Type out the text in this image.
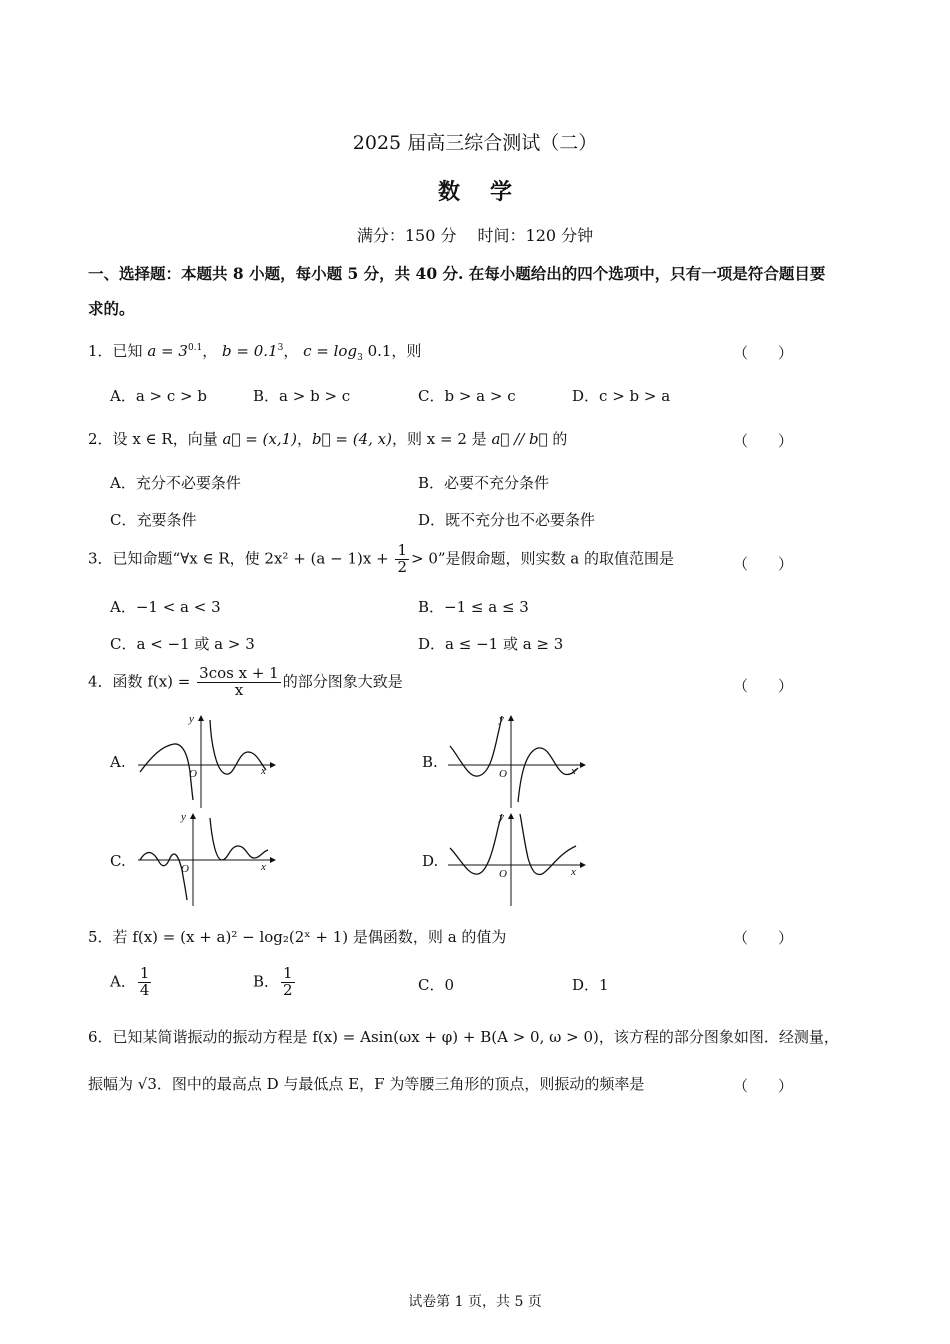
2025 届高三综合测试（二）
数学
满分：150 分　 时间：120 分钟
一、选择题：本题共 8 小题，每小题 5 分，共 40 分. 在每小题给出的四个选项中，只有一项是符合题目要
求的。
1．已知 $a = 3^{0.1}$， $b = 0.1^3$， $c = \log_3 0.1$，则	（　　）
A．a > c > b	B．a > b > c	C．b > a > c	D．c > b > a
2．设 x ∈ R，向量 a⃗ = (x,1)，b⃗ = (4, x)，则 x = 2 是 a⃗ // b⃗ 的	（　　）
A．充分不必要条件	B．必要不充分条件
C．充要条件	D．既不充分也不必要条件
3．已知命题“∀x ∈ R，使 $2x^2 + (a - 1)x + \frac{1}{2} > 0$”是假命题，则实数 a 的取值范围是	（　　）
A．−1 < a < 3	B．−1 ≤ a ≤ 3
C．a < −1 或 a > 3	D．a ≤ −1 或 a ≥ 3
4．函数 $f(x) = \frac{\text{3cos x + 1}}{x}$ 的部分图象大致是	（　　）
A.	B.
C.	D.
O	x
y
O	x
y
O	x
y
O	x
y
5．若 f(x) = (x + a)² − log₂(2ˣ + 1) 是偶函数，则 a 的值为	（　　）
A． $\frac{1}{4}$	B． $\frac{1}{2}$	C．0	D．1
6．已知某简谐振动的振动方程是 f(x) = Asin(ωx + φ) + B(A > 0, ω > 0)，该方程的部分图象如图．经测量，
振幅为 √3．图中的最高点 D 与最低点 E，F 为等腰三角形的顶点，则振动的频率是	（　　）
试卷第 1 页，共 5 页
